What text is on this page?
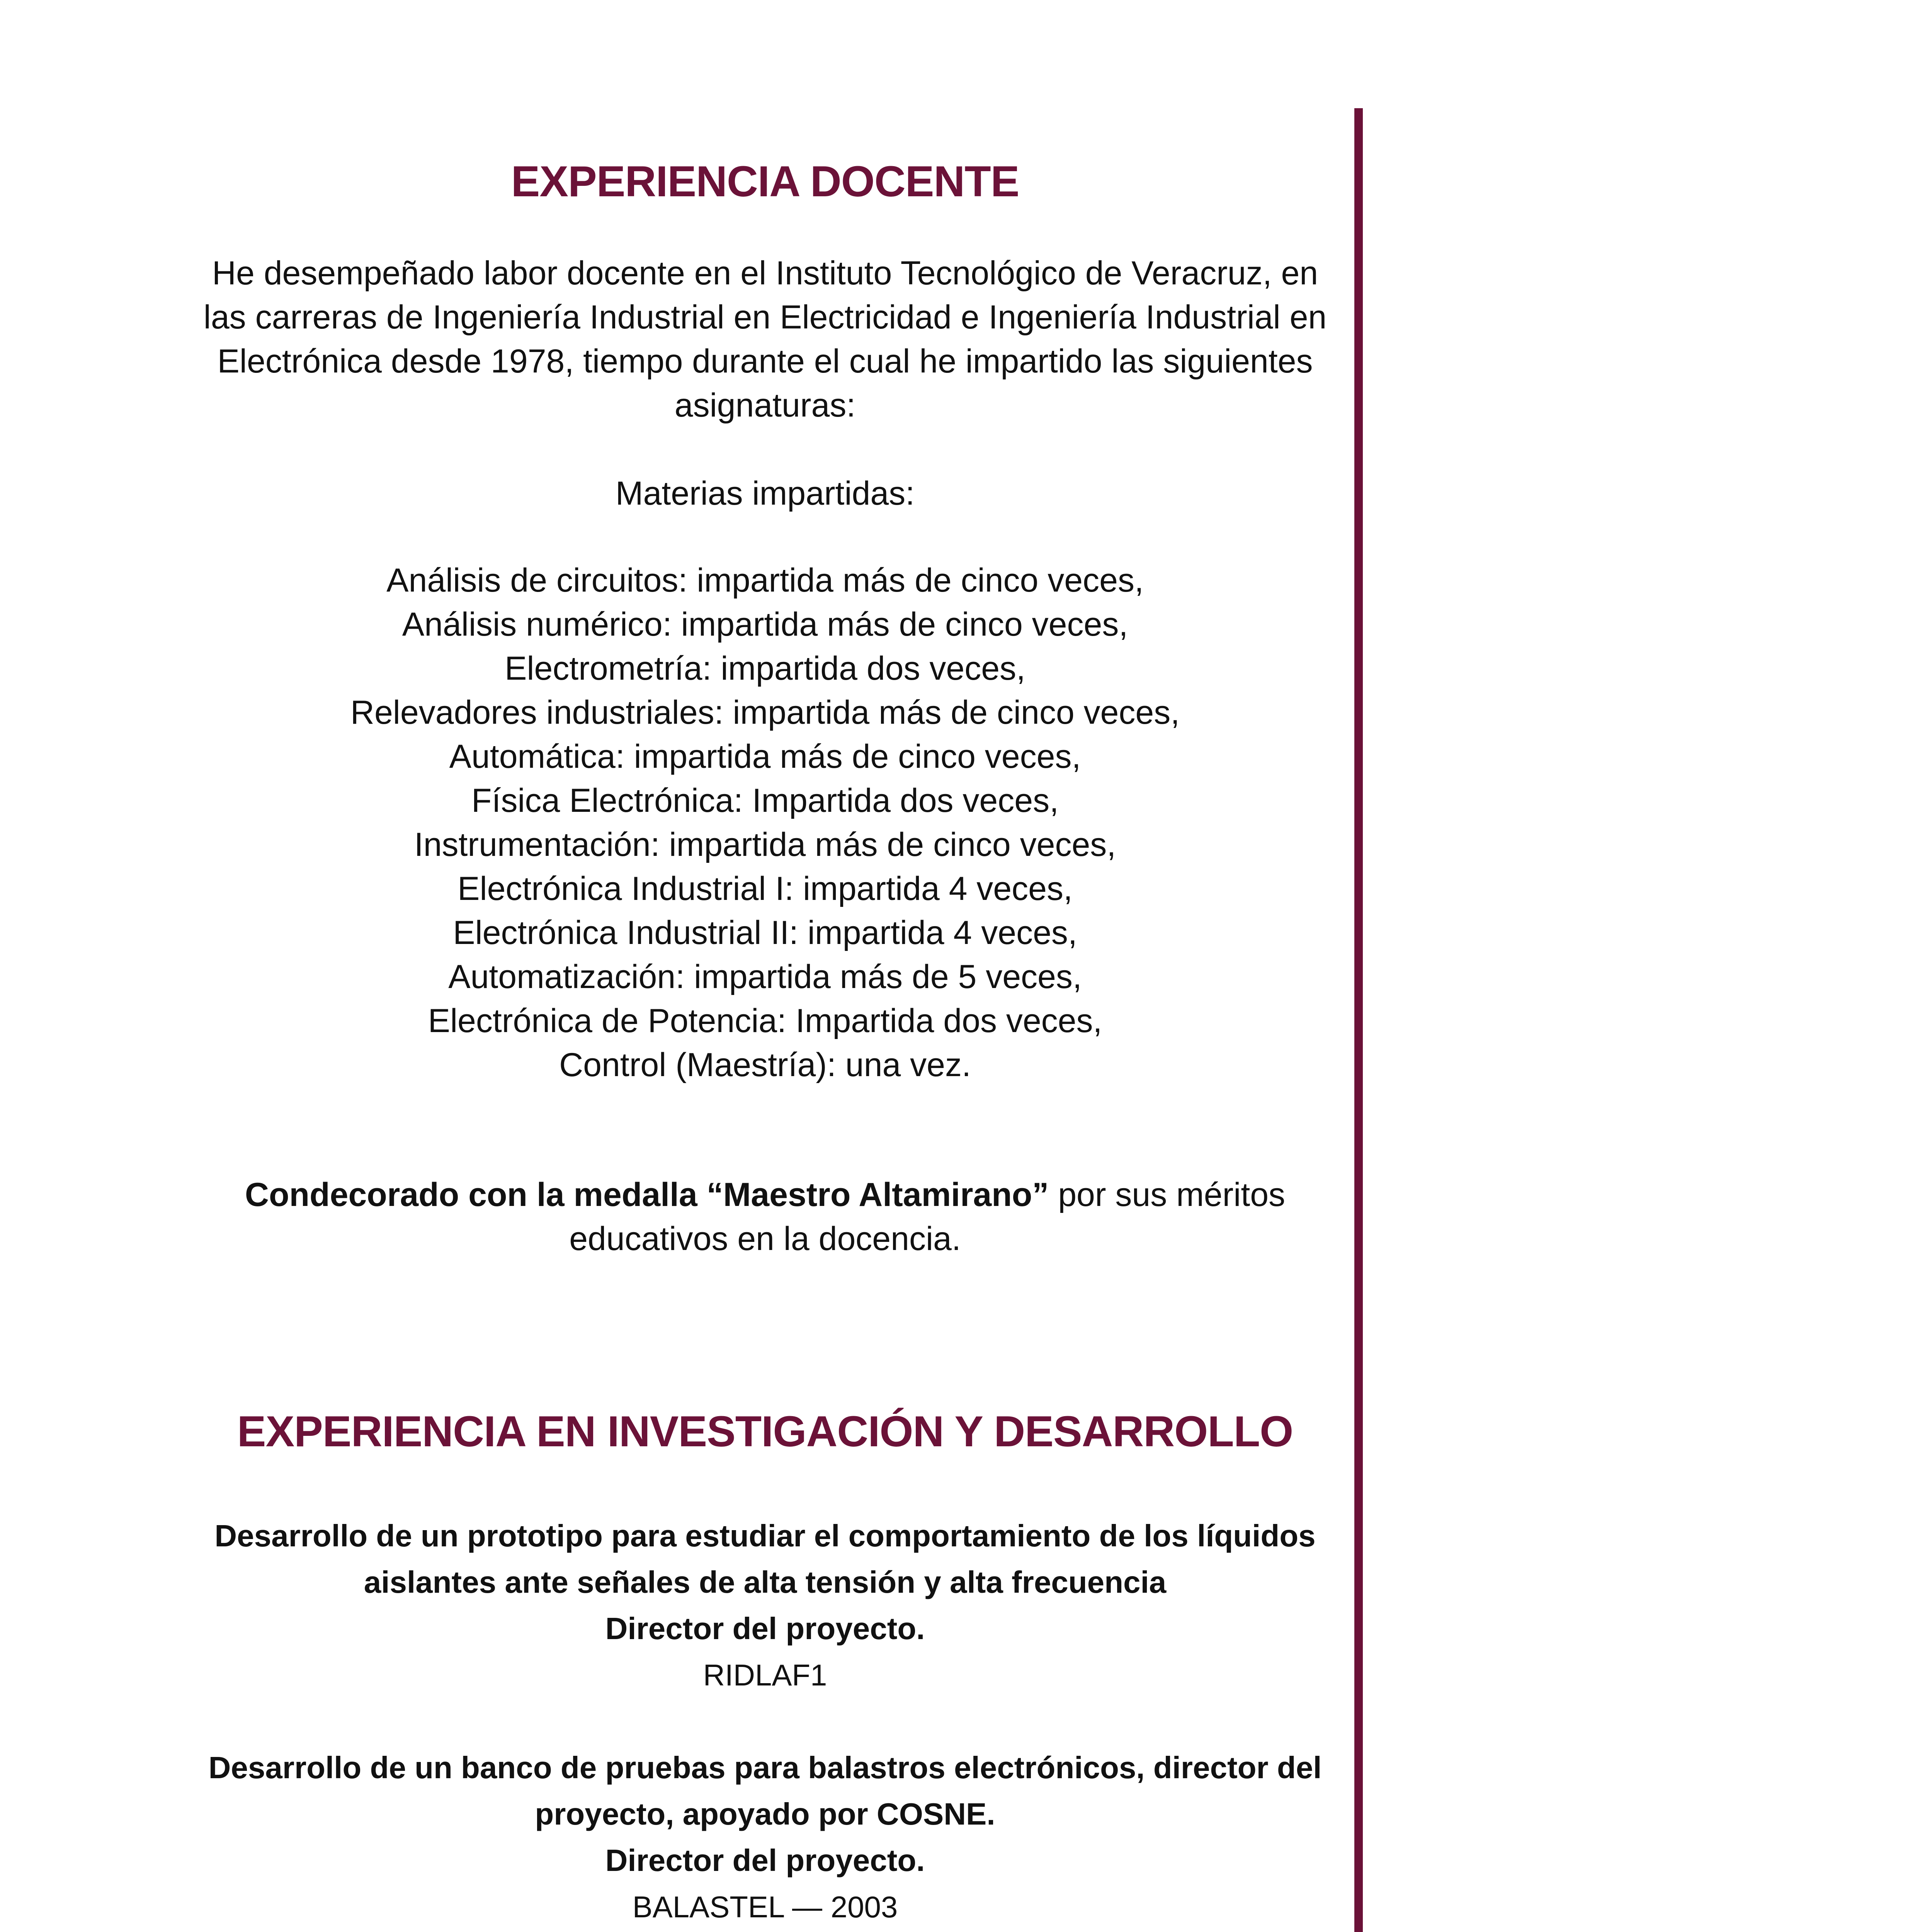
EXPERIENCIA DOCENTE

He desempeñado labor docente en el Instituto Tecnológico de Veracruz, en
las carreras de Ingeniería Industrial en Electricidad e Ingeniería Industrial en
Electrónica desde 1978, tiempo durante el cual he impartido las siguientes
asignaturas:

Materias impartidas:

Análisis de circuitos: impartida más de cinco veces,
Análisis numérico: impartida más de cinco veces,
Electrometría: impartida dos veces,
Relevadores industriales: impartida más de cinco veces,
Automática: impartida más de cinco veces,
Física Electrónica: Impartida dos veces,
Instrumentación: impartida más de cinco veces,
Electrónica Industrial I: impartida 4 veces,
Electrónica Industrial II: impartida 4 veces,
Automatización: impartida más de 5 veces,
Electrónica de Potencia: Impartida dos veces,
Control (Maestría): una vez.

Condecorado con la medalla “Maestro Altamirano” por sus méritos
educativos en la docencia.

EXPERIENCIA EN INVESTIGACIÓN Y DESARROLLO

Desarrollo de un prototipo para estudiar el comportamiento de los líquidos
aislantes ante señales de alta tensión y alta frecuencia
Director del proyecto.
RIDLAF1

Desarrollo de un banco de pruebas para balastros electrónicos, director del
proyecto, apoyado por COSNE.
Director del proyecto.
BALASTEL — 2003
